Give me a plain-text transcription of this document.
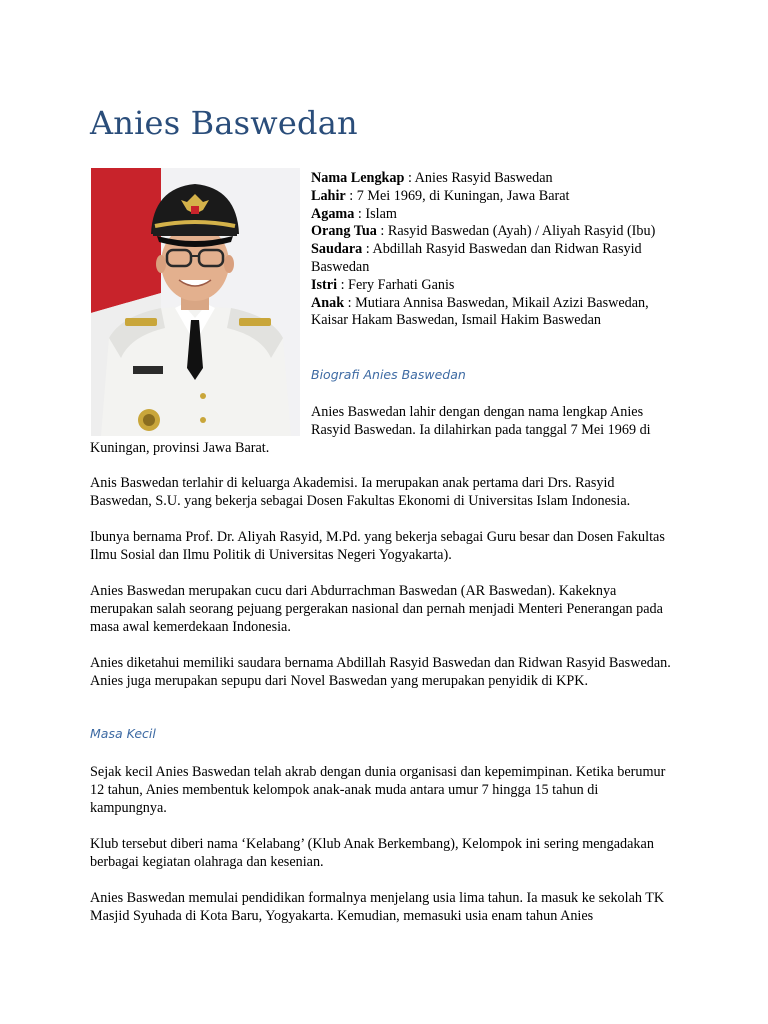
Anies Baswedan
Nama Lengkap : Anies Rasyid Baswedan
Lahir : 7 Mei 1969, di Kuningan, Jawa Barat
Agama : Islam
Orang Tua : Rasyid Baswedan (Ayah) / Aliyah Rasyid (Ibu)
Saudara : Abdillah Rasyid Baswedan dan Ridwan Rasyid Baswedan
Istri : Fery Farhati Ganis
Anak : Mutiara Annisa Baswedan, Mikail Azizi Baswedan, Kaisar Hakam Baswedan, Ismail Hakim Baswedan
Biografi Anies Baswedan
Anies Baswedan lahir dengan dengan nama lengkap Anies Rasyid Baswedan. Ia dilahirkan pada tanggal 7 Mei 1969 di Kuningan, provinsi Jawa Barat.

Anis Baswedan terlahir di keluarga Akademisi. Ia merupakan anak pertama dari Drs. Rasyid Baswedan, S.U. yang bekerja sebagai Dosen Fakultas Ekonomi di Universitas Islam Indonesia.

Ibunya bernama Prof. Dr. Aliyah Rasyid, M.Pd. yang bekerja sebagai Guru besar dan Dosen Fakultas Ilmu Sosial dan Ilmu Politik di Universitas Negeri Yogyakarta).

Anies Baswedan merupakan cucu dari Abdurrachman Baswedan (AR Baswedan). Kakeknya merupakan salah seorang pejuang pergerakan nasional dan pernah menjadi Menteri Penerangan pada masa awal kemerdekaan Indonesia.

Anies diketahui memiliki saudara bernama Abdillah Rasyid Baswedan dan Ridwan Rasyid Baswedan. Anies juga merupakan sepupu dari Novel Baswedan yang merupakan penyidik di KPK.

Masa Kecil

Sejak kecil Anies Baswedan telah akrab dengan dunia organisasi dan kepemimpinan. Ketika berumur 12 tahun, Anies membentuk kelompok anak-anak muda antara umur 7 hingga 15 tahun di kampungnya.

Klub tersebut diberi nama ‘Kelabang’ (Klub Anak Berkembang), Kelompok ini sering mengadakan berbagai kegiatan olahraga dan kesenian.

Anies Baswedan memulai pendidikan formalnya menjelang usia lima tahun. Ia masuk ke sekolah TK Masjid Syuhada di Kota Baru, Yogyakarta. Kemudian, memasuki usia enam tahun Anies
